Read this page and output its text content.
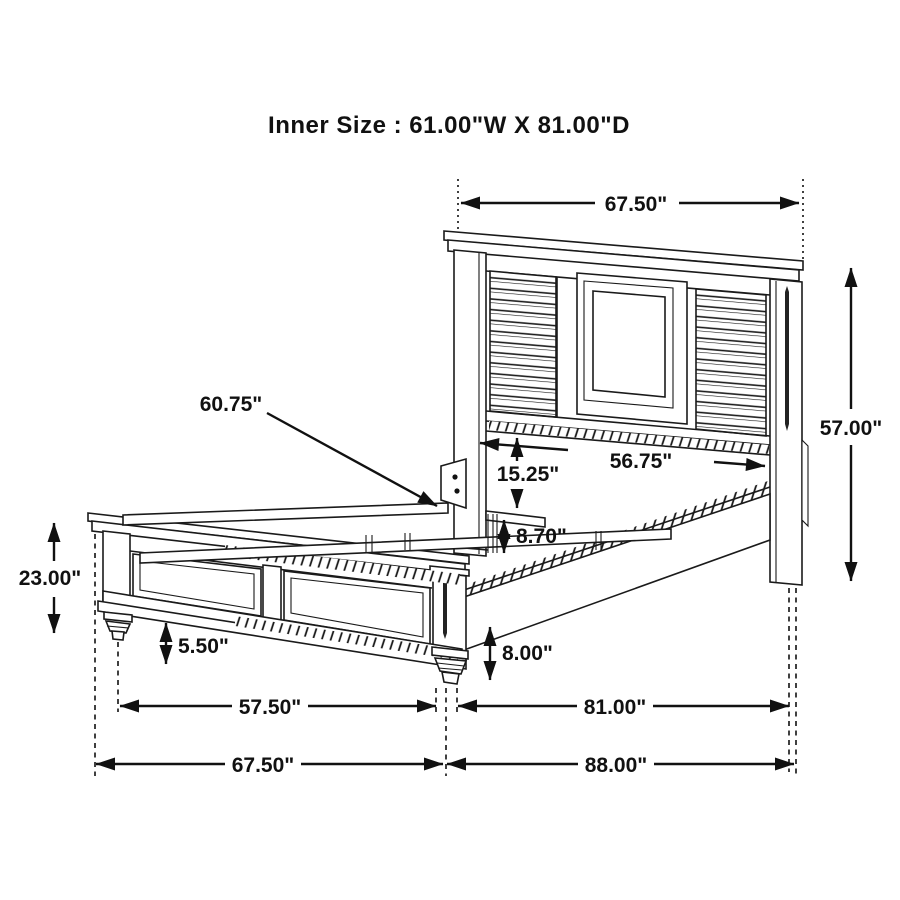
Inner Size : 61.00"W X 81.00"D
67.50"
56.75"
15.25"
8.70"
57.00"
60.75"
23.00"
5.50"	8.00"
57.50"	81.00"
67.50"	88.00"
